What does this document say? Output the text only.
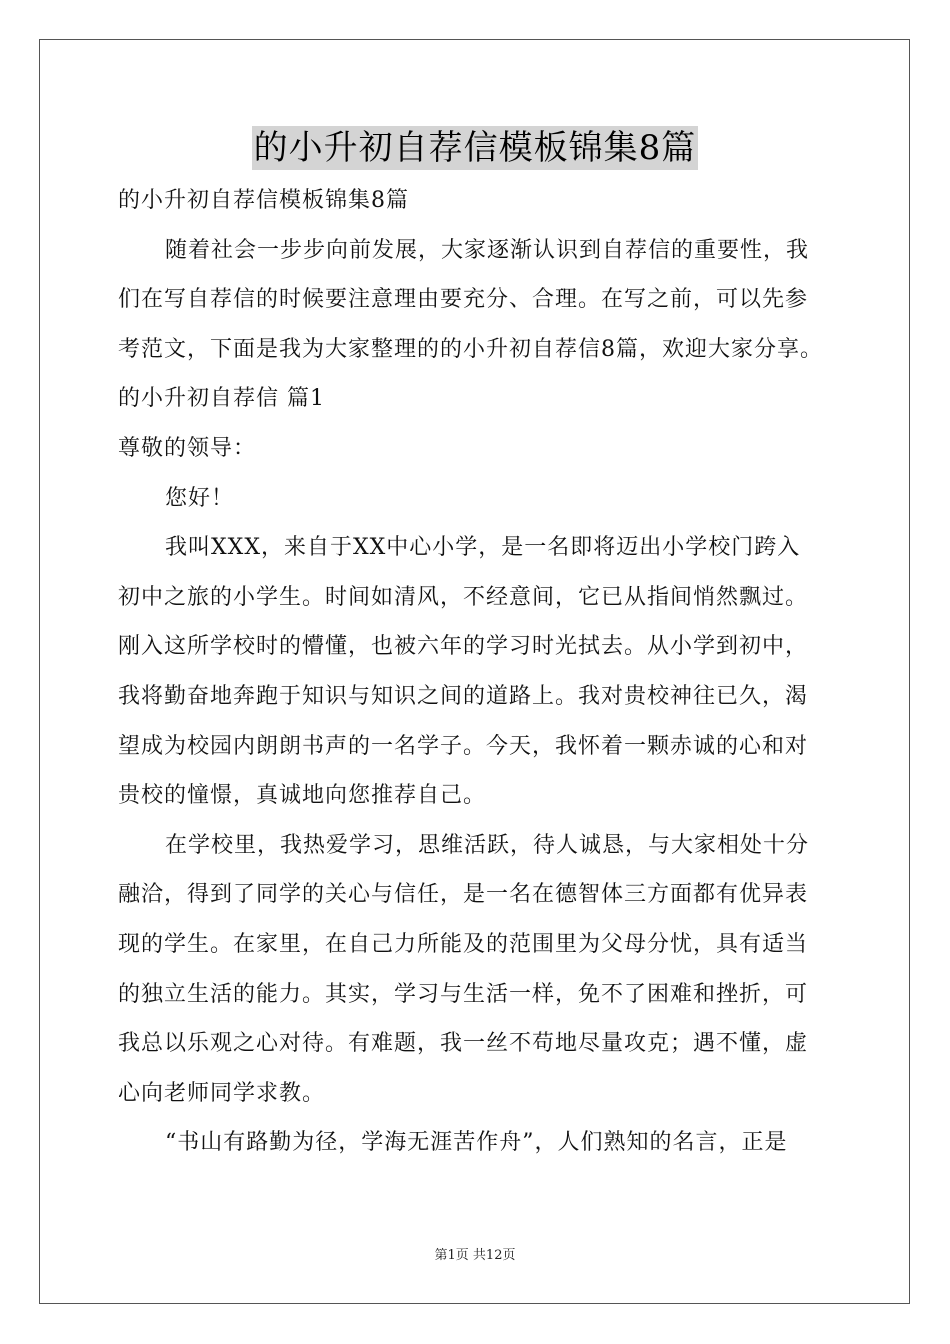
的小升初自荐信模板锦集8篇
的小升初自荐信模板锦集8篇
随着社会一步步向前发展，大家逐渐认识到自荐信的重要性，我
们在写自荐信的时候要注意理由要充分、合理。在写之前，可以先参
考范文，下面是我为大家整理的的小升初自荐信8篇，欢迎大家分享。
的小升初自荐信 篇1
尊敬的领导：
您好！
我叫XXX，来自于XX中心小学，是一名即将迈出小学校门跨入
初中之旅的小学生。时间如清风，不经意间，它已从指间悄然飘过。
刚入这所学校时的懵懂，也被六年的学习时光拭去。从小学到初中，
我将勤奋地奔跑于知识与知识之间的道路上。我对贵校神往已久，渴
望成为校园内朗朗书声的一名学子。今天，我怀着一颗赤诚的心和对
贵校的憧憬，真诚地向您推荐自己。
在学校里，我热爱学习，思维活跃，待人诚恳，与大家相处十分
融洽，得到了同学的关心与信任，是一名在德智体三方面都有优异表
现的学生。在家里，在自己力所能及的范围里为父母分忧，具有适当
的独立生活的能力。其实，学习与生活一样，免不了困难和挫折，可
我总以乐观之心对待。有难题，我一丝不苟地尽量攻克；遇不懂，虚
心向老师同学求教。
“书山有路勤为径，学海无涯苦作舟”，人们熟知的名言，正是
第1页 共12页
